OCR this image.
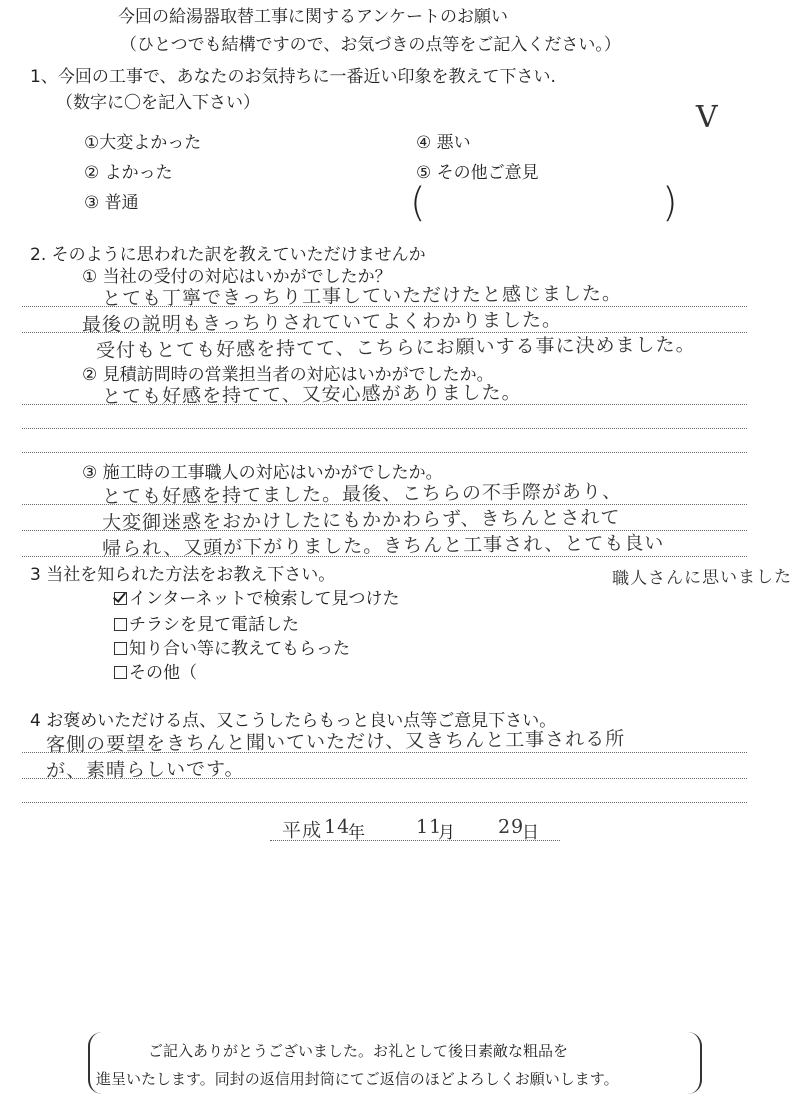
今回の給湯器取替工事に関するアンケートのお願い
（ひとつでも結構ですので、お気づきの点等をご記入ください。）
1、今回の工事で、あなたのお気持ちに一番近い印象を教えて下さい.
（数字に〇を記入下さい）
①大変よかった
② よかった
③ 普通
④ 悪い
⑤ その他ご意見
(	)
V
2. そのように思われた訳を教えていただけませんか
① 当社の受付の対応はいかがでしたか？
とても丁寧できっちり工事していただけたと感じました。
最後の説明もきっちりされていてよくわかりました。
受付もとても好感を持てて、こちらにお願いする事に決めました。
② 見積訪問時の営業担当者の対応はいかがでしたか。
とても好感を持てて、又安心感がありました。
③ 施工時の工事職人の対応はいかがでしたか。
とても好感を持てました。最後、こちらの不手際があり、
大変御迷惑をおかけしたにもかかわらず、きちんとされて
帰られ、又頭が下がりました。きちんと工事され、とても良い
職人さんに思いました
3 当社を知られた方法をお教え下さい。
インターネットで検索して見つけた
チラシを見て電話した
知り合い等に教えてもらった
その他（
4 お褒めいただける点、又こうしたらもっと良い点等ご意見下さい。
客側の要望をきちんと聞いていただけ、又きちんと工事される所
が、素晴らしいです。
平成 14
年	11
月 29
日
ご記入ありがとうございました。お礼として後日素敵な粗品を
進呈いたします。同封の返信用封筒にてご返信のほどよろしくお願いします。
